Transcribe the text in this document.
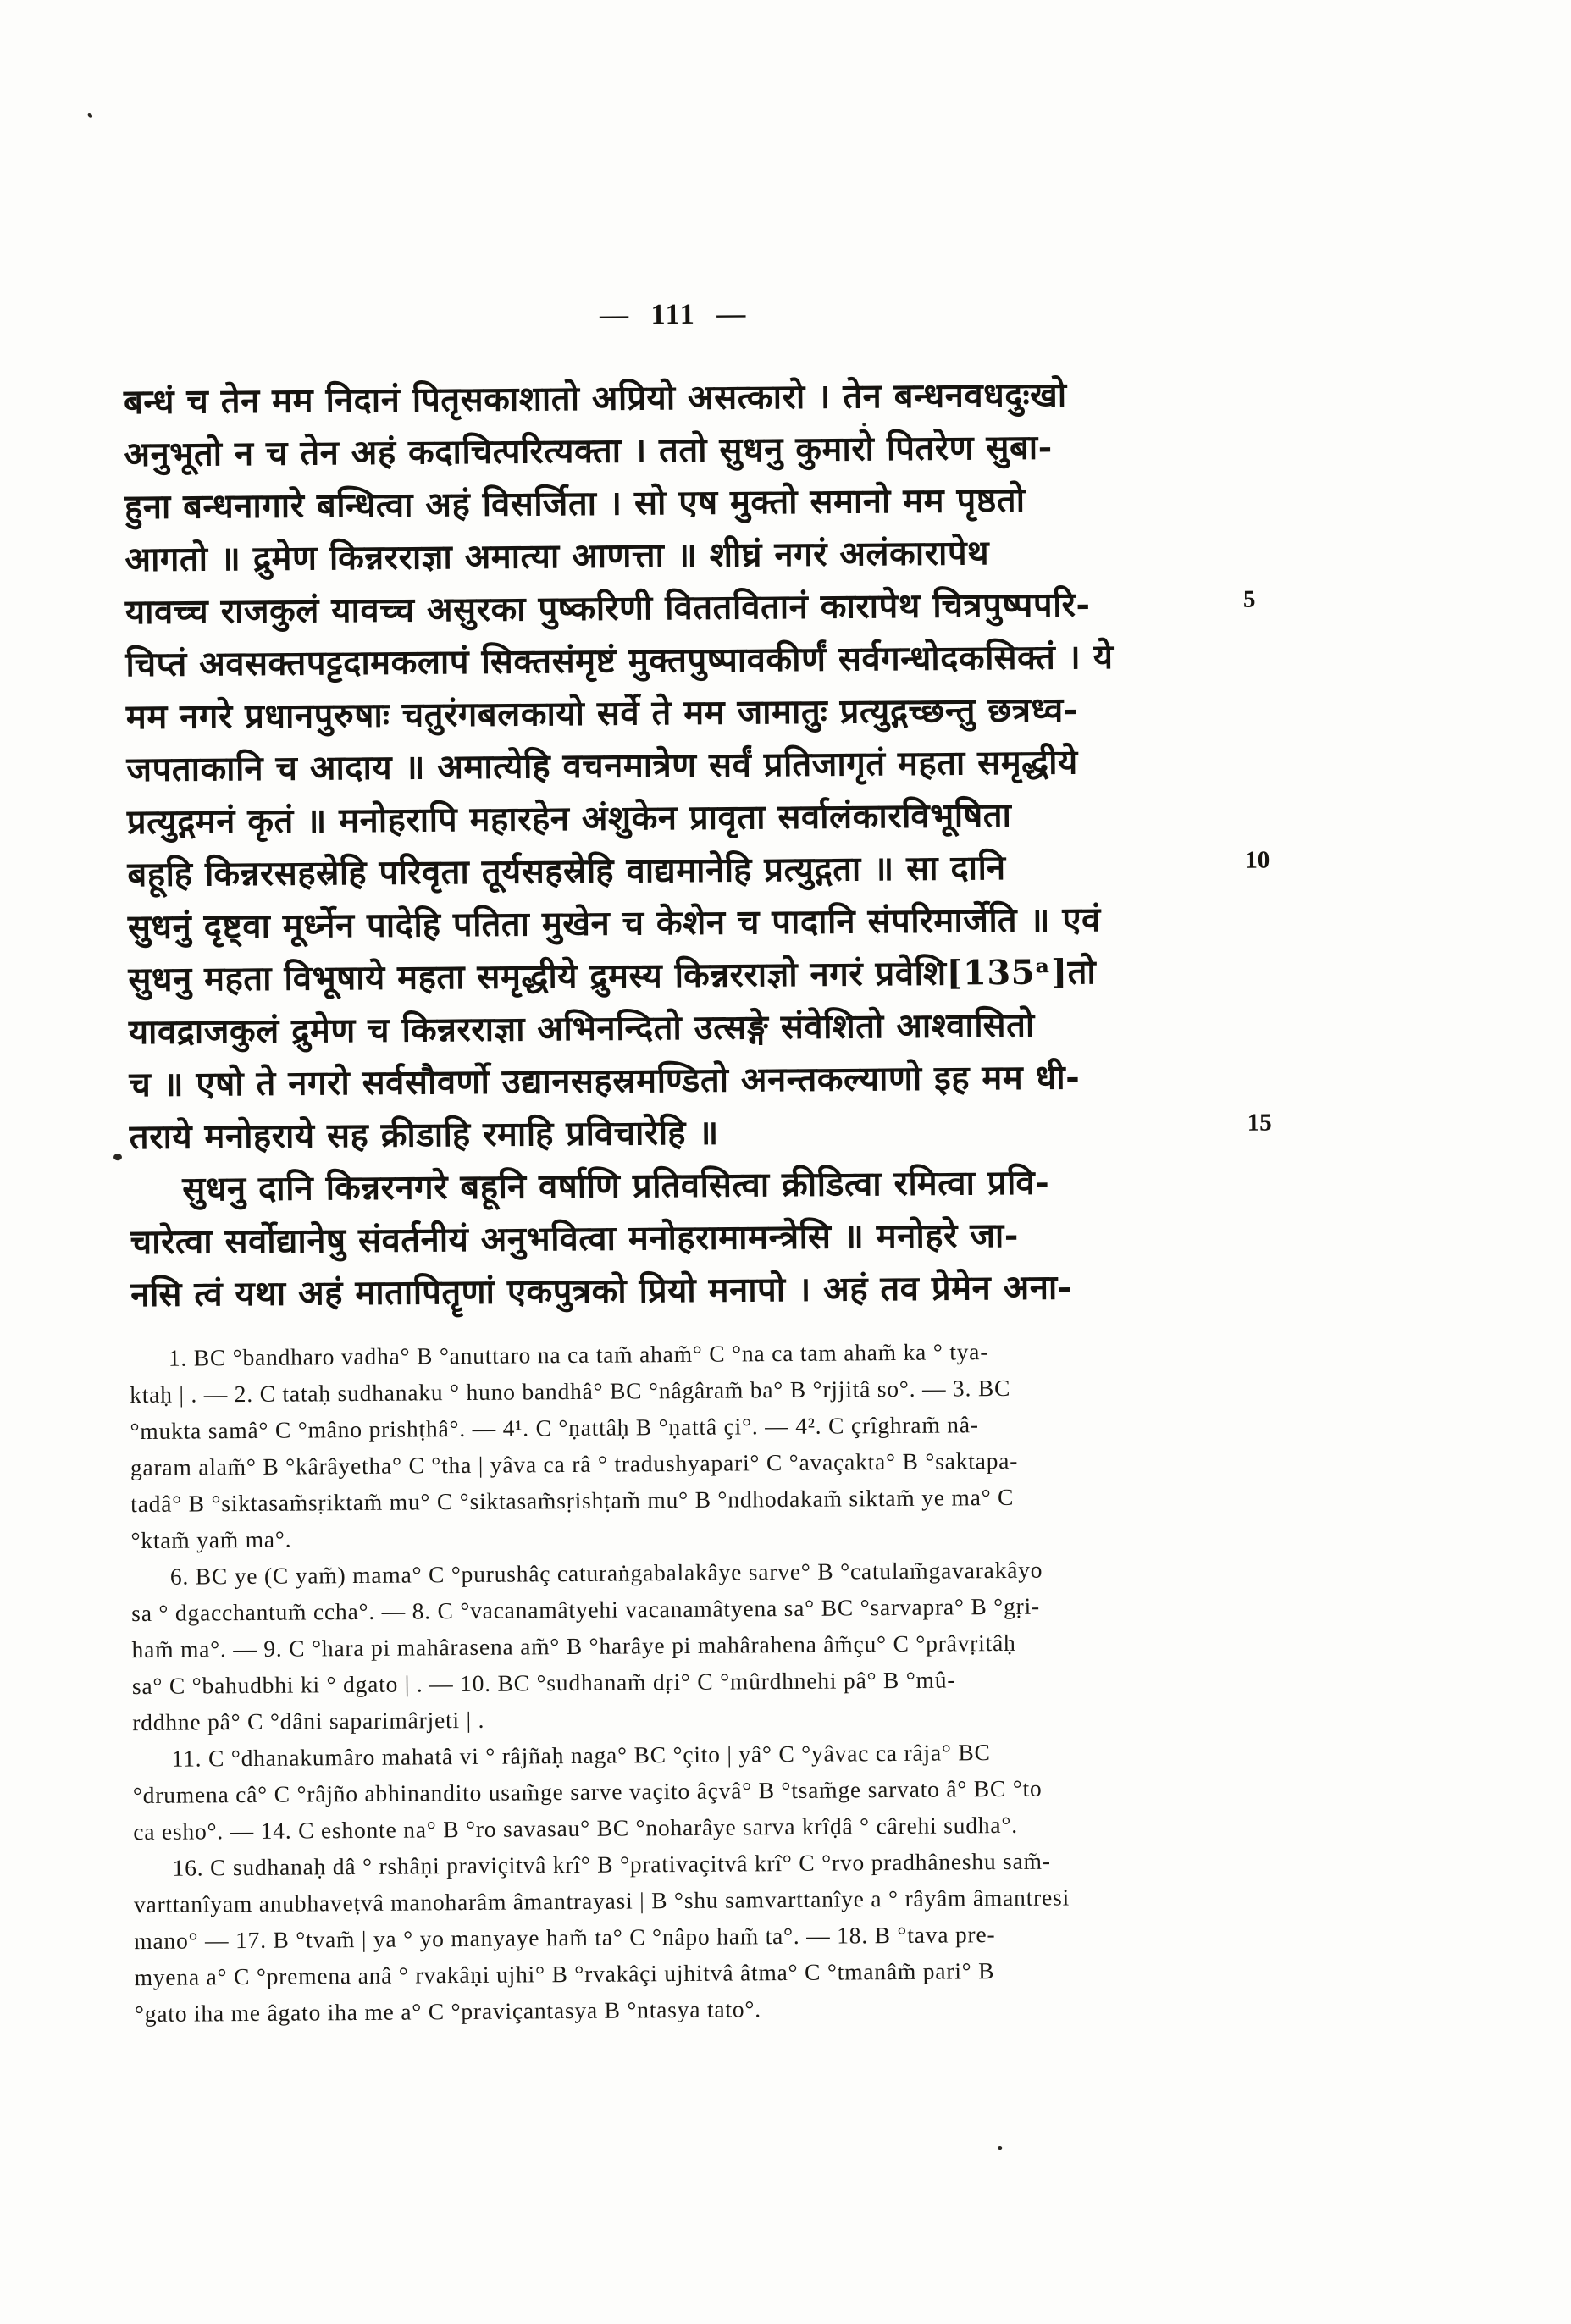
— 111 —
बन्धं च तेन मम निदानं पितृसकाशातो अप्रियो असत्कारो । तेन बन्धनवधदुःखो
अनुभूतो न च तेन अहं कदाचित्परित्यक्ता । ततो सुधनु कुमारो पितरेण सुबा-
हुना बन्धनागारे बन्धित्वा अहं विसर्जिता । सो एष मुक्तो समानो मम पृष्ठतो
आगतो ॥ द्रुमेण किन्नरराज्ञा अमात्या आणत्ता ॥ शीघ्रं नगरं अलंकारापेथ
यावच्च राजकुलं यावच्च असुरका पुष्करिणी विततवितानं कारापेथ चित्रपुष्पपरि-
चिप्तं अवसक्तपट्टदामकलापं सिक्तसंमृष्टं मुक्तपुष्पावकीर्णं सर्वगन्धोदकसिक्तं । ये
मम नगरे प्रधानपुरुषाः चतुरंगबलकायो सर्वे ते मम जामातुः प्रत्युद्गच्छन्तु छत्रध्व-
जपताकानि च आदाय ॥ अमात्येहि वचनमात्रेण सर्वं प्रतिजागृतं महता समृद्धीये
प्रत्युद्गमनं कृतं ॥ मनोहरापि महारहेन अंशुकेन प्रावृता सर्वालंकारविभूषिता
बहूहि किन्नरसहस्रेहि परिवृता तूर्यसहस्रेहि वाद्यमानेहि प्रत्युद्गता ॥ सा दानि
सुधनुं दृष्ट्वा मूर्ध्नेन पादेहि पतिता मुखेन च केशेन च पादानि संपरिमार्जेति ॥ एवं
सुधनु महता विभूषाये महता समृद्धीये द्रुमस्य किन्नरराज्ञो नगरं प्रवेशि[135ᵃ]तो
यावद्राजकुलं द्रुमेण च किन्नरराज्ञा अभिनन्दितो उत्सङ्गे संवेशितो आश्वासितो
च ॥ एषो ते नगरो सर्वसौवर्णो उद्यानसहस्रमण्डितो अनन्तकल्याणो इह मम धी-
तराये मनोहराये सह क्रीडाहि रमाहि प्रविचारेहि ॥
सुधनु दानि किन्नरनगरे बहूनि वर्षाणि प्रतिवसित्वा क्रीडित्वा रमित्वा प्रवि-
चारेत्वा सर्वोद्यानेषु संवर्तनीयं अनुभवित्वा मनोहरामामन्त्रेसि ॥ मनोहरे जा-
नसि त्वं यथा अहं मातापितॄणां एकपुत्रको प्रियो मनापो । अहं तव प्रेमेन अना-
5
10
15
1. BC °bandharo vadha° B °anuttaro na ca tam̃ aham̃° C °na ca tam aham̃ ka ° tya-
ktaḥ | . — 2. C tataḥ sudhanaku ° huno bandhâ° BC °nâgâram̃ ba° B °rjjitâ so°. — 3. BC
°mukta samâ° C °mâno prishṭhâ°. — 4¹. C °ṇattâḥ B °ṇattâ çi°. — 4². C çrîghram̃ nâ-
garam alam̃° B °kârâyetha° C °tha | yâva ca râ ° tradushyapari° C °avaçakta° B °saktapa-
tadâ° B °siktasam̃sṛiktam̃ mu° C °siktasam̃sṛishṭam̃ mu° B °ndhodakam̃ siktam̃ ye ma° C
°ktam̃ yam̃ ma°.
6. BC ye (C yam̃) mama° C °purushâç caturaṅgabalakâye sarve° B °catulam̃gavarakâyo
sa ° dgacchantum̃ ccha°. — 8. C °vacanamâtyehi vacanamâtyena sa° BC °sarvapra° B °gṛi-
ham̃ ma°. — 9. C °hara pi mahârasena am̃° B °harâye pi mahârahena âm̃çu° C °prâvṛitâḥ
sa° C °bahudbhi ki ° dgato | . — 10. BC °sudhanam̃ dṛi° C °mûrdhnehi pâ° B °mû-
rddhne pâ° C °dâni saparimârjeti | .
11. C °dhanakumâro mahatâ vi ° râjñaḥ naga° BC °çito | yâ° C °yâvac ca râja° BC
°drumena câ° C °râjño abhinandito usam̃ge sarve vaçito âçvâ° B °tsam̃ge sarvato â° BC °to
ca esho°. — 14. C eshonte na° B °ro savasau° BC °noharâye sarva krîḍâ ° cârehi sudha°.
16. C sudhanaḥ dâ ° rshâṇi praviçitvâ krî° B °prativaçitvâ krî° C °rvo pradhâneshu sam̃-
varttanîyam anubhaveṭvâ manoharâm âmantrayasi | B °shu samvarttanîye a ° râyâm âmantresi
mano° — 17. B °tvam̃ | ya ° yo manyaye ham̃ ta° C °nâpo ham̃ ta°. — 18. B °tava pre-
myena a° C °premena anâ ° rvakâṇi ujhi° B °rvakâçi ujhitvâ âtma° C °tmanâm̃ pari° B
°gato iha me âgato iha me a° C °praviçantasya B °ntasya tato°.
